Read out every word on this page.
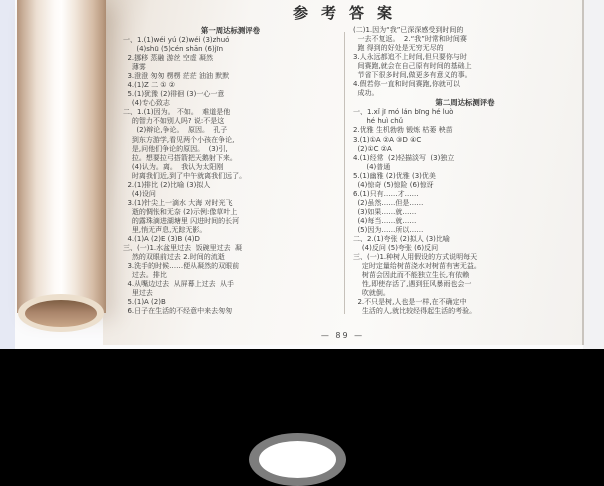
参考答案
第一周达标测评卷
一、1.(1)wéi yú (2)wéi (3)zhuó
(4)shū (5)cén shān (6)jīn
2.挪移 蒸融 游丝 空虚 凝然
薄雾
3.澄澄 匆匆 楞楞 茫茫 油油 默默
4.(1)Z 二 ① ②
5.(1)犹豫 (2)徘徊 (3)一心一意
(4)专心致志
二、1.(1)因为。 不如。  难道是他
的智力不如别人吗? 说:不是这
(2)辩论,争论。  原因。  孔子
到东方游学,看见两个小孩在争论,
是,问他们争论的原因。  (3)引,
拉。想要拉弓搭箭把天鹅射下来。
(4)认为。离。  我认为太阳刚
时离我们近,到了中午就离我们远了。
2.(1)排比 (2)比喻 (3)拟人
(4)设问
3.(1)针尖上一滴水 大海 对时光飞
逝的惆怅和无奈 (2)示例:像草叶上
的露珠滴进湖塘里 闪进时间的长河
里,悄无声息,无踪无影。
4.(1)A (2)E (3)B (4)D
三、(一)1.水盆里过去  饭碗里过去  凝
然的双眼前过去 2.时间的流逝
3.洗手的时候……便从凝然的双眼前
过去。排比
4.从嘴边过去  从屏幕上过去  从手
里过去
5.(1)A (2)B
6.日子在生活的不经意中来去匆匆
(二)1.因为“我”已深深感受到时间的
一去不复返。  2.“我”时常和时间赛
跑 得到的好处是无穷无尽的
3.人永远都追不上时间,但只要你与时
间赛跑,就会在自己原有时间的基础上
节省下很多时间,做更多有意义的事。
4.假若你一直和时间赛跑,你就可以
成功。
第二周达标测评卷
一、1.xǐ jī mó lán bīng hé luò
hé huì chǔ
2.优雅 生机勃勃 锻炼 枯萎 秧苗
3.(1)①A ②A ③D ④C
(2)①C ②A
4.(1)经常  (2)轻描淡写  (3)独立
(4)普通
5.(1)幽雅 (2)优雅 (3)优美
(4)惊奇 (5)惊险 (6)惊讶
6.(1)只有……才……
(2)虽然……但是……
(3)如果……就……
(4)每当……就……
(5)因为……所以……
二、2.(1)夸张 (2)拟人 (3)比喻
(4)反问 (5)夸张 (6)反问
三、(一)1.种树人用假设的方式说明每天
定时定量给树苗浇水对树苗有害无益。
树苗会因此而不能独立生长,有依赖
性,即使存活了,遇到狂风暴雨也会一
吹就倒。
2.不只是树,人也是一样,在不确定中
生活的人,就比较经得起生活的考验。
— 89 —
